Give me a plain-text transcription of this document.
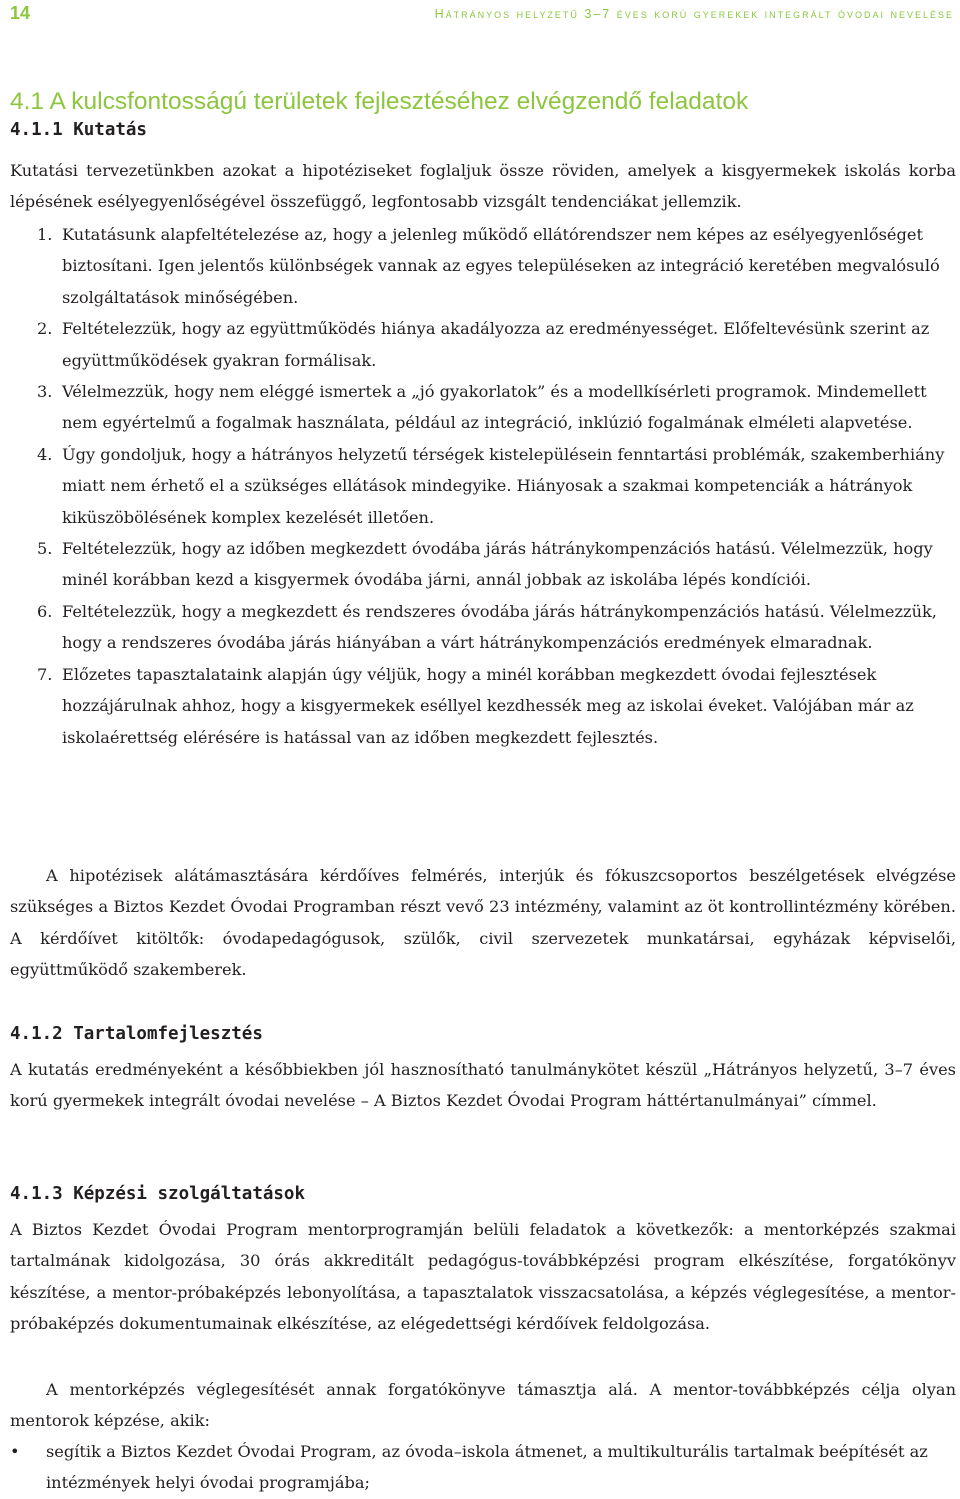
14	Hátrányos helyzetű 3–7 éves korú gyerekek integrált óvodai nevelése
4.1 A kulcsfontosságú területek fejlesztéséhez elvégzendő feladatok
4.1.1 Kutatás

Kutatási tervezetünkben azokat a hipotéziseket foglaljuk össze röviden, amelyek a kisgyermekek iskolás korba lépésének esélyegyenlőségével összefüggő, legfontosabb vizsgált tendenciákat jellemzik.

1. Kutatásunk alapfeltételezése az, hogy a jelenleg működő ellátórendszer nem képes az esélyegyenlőséget biztosítani. Igen jelentős különbségek vannak az egyes településeken az integráció keretében megvalósuló szolgáltatások minőségében.
2. Feltételezzük, hogy az együttműködés hiánya akadályozza az eredményességet. Előfeltevésünk szerint az együttműködések gyakran formálisak.
3. Vélelmezzük, hogy nem eléggé ismertek a „jó gyakorlatok” és a modellkísérleti programok. Mindemellett nem egyértelmű a fogalmak használata, például az integráció, inklúzió fogalmának elméleti alapvetése.
4. Úgy gondoljuk, hogy a hátrányos helyzetű térségek kistelepülésein fenntartási problémák, szakemberhiány miatt nem érhető el a szükséges ellátások mindegyike. Hiányosak a szakmai kompetenciák a hátrányok kiküszöbölésének komplex kezelését illetően.
5. Feltételezzük, hogy az időben megkezdett óvodába járás hátránykompenzációs hatású. Vélelmezzük, hogy minél korábban kezd a kisgyermek óvodába járni, annál jobbak az iskolába lépés kondíciói.
6. Feltételezzük, hogy a megkezdett és rendszeres óvodába járás hátránykompenzációs hatású. Vélelmezzük, hogy a rendszeres óvodába járás hiányában a várt hátránykompenzációs eredmények elmaradnak.
7. Előzetes tapasztalataink alapján úgy véljük, hogy a minél korábban megkezdett óvodai fejlesztések hozzájárulnak ahhoz, hogy a kisgyermekek eséllyel kezdhessék meg az iskolai éveket. Valójában már az iskolaérettség elérésére is hatással van az időben megkezdett fejlesztés.

A hipotézisek alátámasztására kérdőíves felmérés, interjúk és fókuszcsoportos beszélgetések elvégzése szükséges a Biztos Kezdet Óvodai Programban részt vevő 23 intézmény, valamint az öt kontrollintézmény körében. A kérdőívet kitöltők: óvodapedagógusok, szülők, civil szervezetek munkatársai, egyházak képviselői, együttműködő szakemberek.

4.1.2 Tartalomfejlesztés

A kutatás eredményeként a későbbiekben jól hasznosítható tanulmánykötet készül „Hátrányos helyzetű, 3–7 éves korú gyermekek integrált óvodai nevelése – A Biztos Kezdet Óvodai Program háttértanulmányai” címmel.

4.1.3 Képzési szolgáltatások

A Biztos Kezdet Óvodai Program mentorprogramján belüli feladatok a következők: a mentorképzés szakmai tartalmának kidolgozása, 30 órás akkreditált pedagógus-továbbképzési program elkészítése, forgatókönyv készítése, a mentor-próbaképzés lebonyolítása, a tapasztalatok visszacsatolása, a képzés véglegesítése, a mentor-próbaképzés dokumentumainak elkészítése, az elégedettségi kérdőívek feldolgozása.

A mentorképzés véglegesítését annak forgatókönyve támasztja alá. A mentor-továbbképzés célja olyan mentorok képzése, akik:

• segítik a Biztos Kezdet Óvodai Program, az óvoda–iskola átmenet, a multikulturális tartalmak beépítését az intézmények helyi óvodai programjába;
